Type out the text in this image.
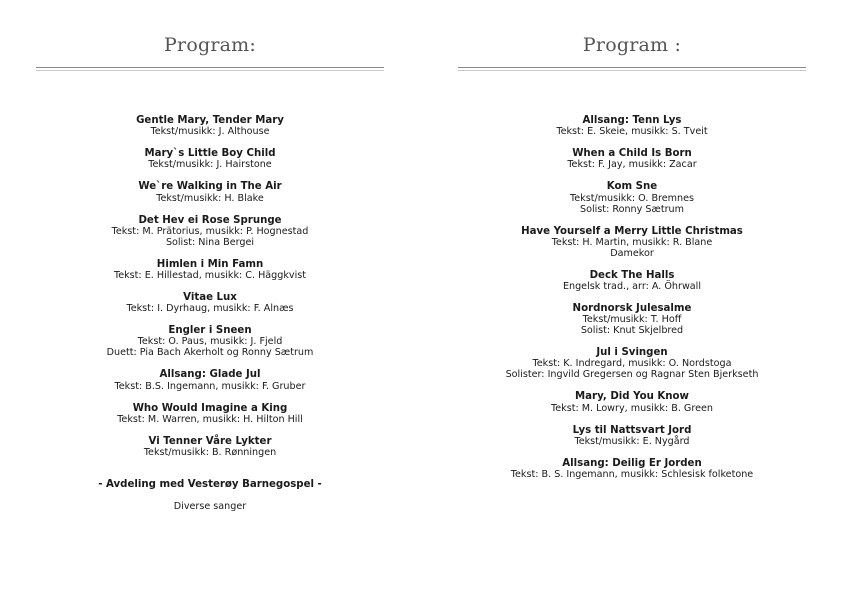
Program:
Gentle Mary, Tender Mary
Tekst/musikk: J. Althouse
Mary`s Little Boy Child
Tekst/musikk: J. Hairstone
We`re Walking in The Air
Tekst/musikk: H. Blake
Det Hev ei Rose Sprunge
Tekst: M. Prätorius, musikk: P. Hognestad
Solist: Nina Bergei
Himlen i Min Famn
Tekst: E. Hillestad, musikk: C. Häggkvist
Vitae Lux
Tekst: I. Dyrhaug, musikk: F. Alnæs
Engler i Sneen
Tekst: O. Paus, musikk: J. Fjeld
Duett: Pia Bach Akerholt og Ronny Sætrum
Allsang: Glade Jul
Tekst: B.S. Ingemann, musikk: F. Gruber
Who Would Imagine a King
Tekst: M. Warren, musikk: H. Hilton Hill
Vi Tenner Våre Lykter
Tekst/musikk: B. Rønningen
- Avdeling med Vesterøy Barnegospel -
Diverse sanger
Program :
Allsang: Tenn Lys
Tekst: E. Skeie, musikk: S. Tveit
When a Child Is Born
Tekst: F. Jay, musikk: Zacar
Kom Sne
Tekst/musikk: O. Bremnes
Solist: Ronny Sætrum
Have Yourself a Merry Little Christmas
Tekst: H. Martin, musikk: R. Blane
Damekor
Deck The Halls
Engelsk trad., arr: A. Öhrwall
Nordnorsk Julesalme
Tekst/musikk: T. Hoff
Solist: Knut Skjelbred
Jul i Svingen
Tekst: K. Indregard, musikk: O. Nordstoga
Solister: Ingvild Gregersen og Ragnar Sten Bjerkseth
Mary, Did You Know
Tekst: M. Lowry, musikk: B. Green
Lys til Nattsvart Jord
Tekst/musikk: E. Nygård
Allsang: Deilig Er Jorden
Tekst: B. S. Ingemann, musikk: Schlesisk folketone
